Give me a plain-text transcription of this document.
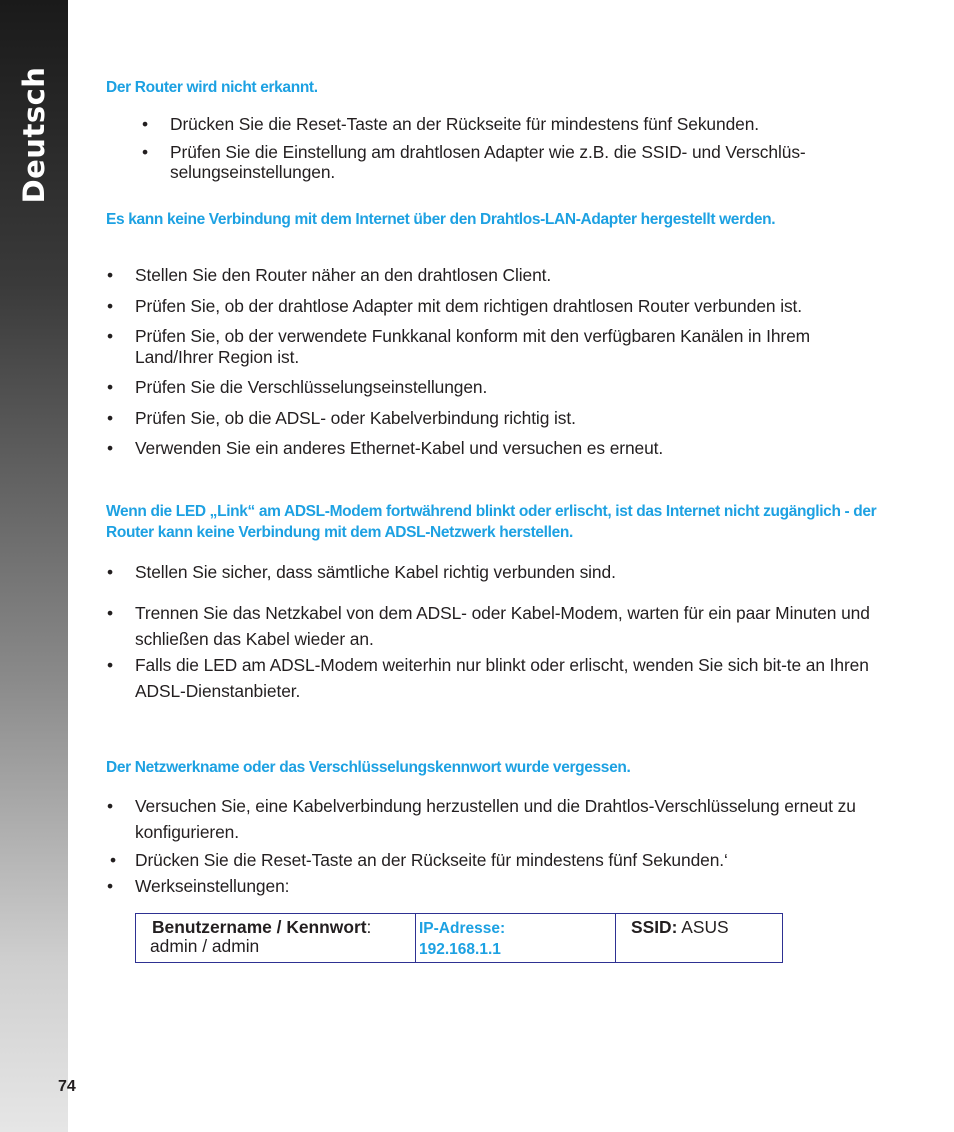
Deutsch	Der Router wird nicht erkannt.
• Drücken Sie die Reset-Taste an der Rückseite für mindestens fünf Sekunden.
• Prüfen Sie die Einstellung am drahtlosen Adapter wie z.B. die SSID- und Verschlüs-selungseinstellungen.
Es kann keine Verbindung mit dem Internet über den Drahtlos-LAN-Adapter hergestellt werden.
• Stellen Sie den Router näher an den drahtlosen Client.
• Prüfen Sie, ob der drahtlose Adapter mit dem richtigen drahtlosen Router verbunden ist.
• Prüfen Sie, ob der verwendete Funkkanal konform mit den verfügbaren Kanälen in Ihrem Land/Ihrer Region ist.
• Prüfen Sie die Verschlüsselungseinstellungen.
• Prüfen Sie, ob die ADSL- oder Kabelverbindung richtig ist.
• Verwenden Sie ein anderes Ethernet-Kabel und versuchen es erneut.
Wenn die LED „Link“ am ADSL-Modem fortwährend blinkt oder erlischt, ist das Internet nicht zugänglich - der Router kann keine Verbindung mit dem ADSL-Netzwerk herstellen.
• Stellen Sie sicher, dass sämtliche Kabel richtig verbunden sind.
• Trennen Sie das Netzkabel von dem ADSL- oder Kabel-Modem, warten für ein paar Minuten und schließen das Kabel wieder an.
• Falls die LED am ADSL-Modem weiterhin nur blinkt oder erlischt, wenden Sie sich bit-te an Ihren ADSL-Dienstanbieter.
Der Netzwerkname oder das Verschlüsselungskennwort wurde vergessen.
• Versuchen Sie, eine Kabelverbindung herzustellen und die Drahtlos-Verschlüsselung erneut zu konfigurieren.
• Drücken Sie die Reset-Taste an der Rückseite für mindestens fünf Sekunden.‘
• Werkseinstellungen:
Benutzername / Kennwort:
admin / admin
IP-Adresse:
192.168.1.1
SSID: ASUS
74
